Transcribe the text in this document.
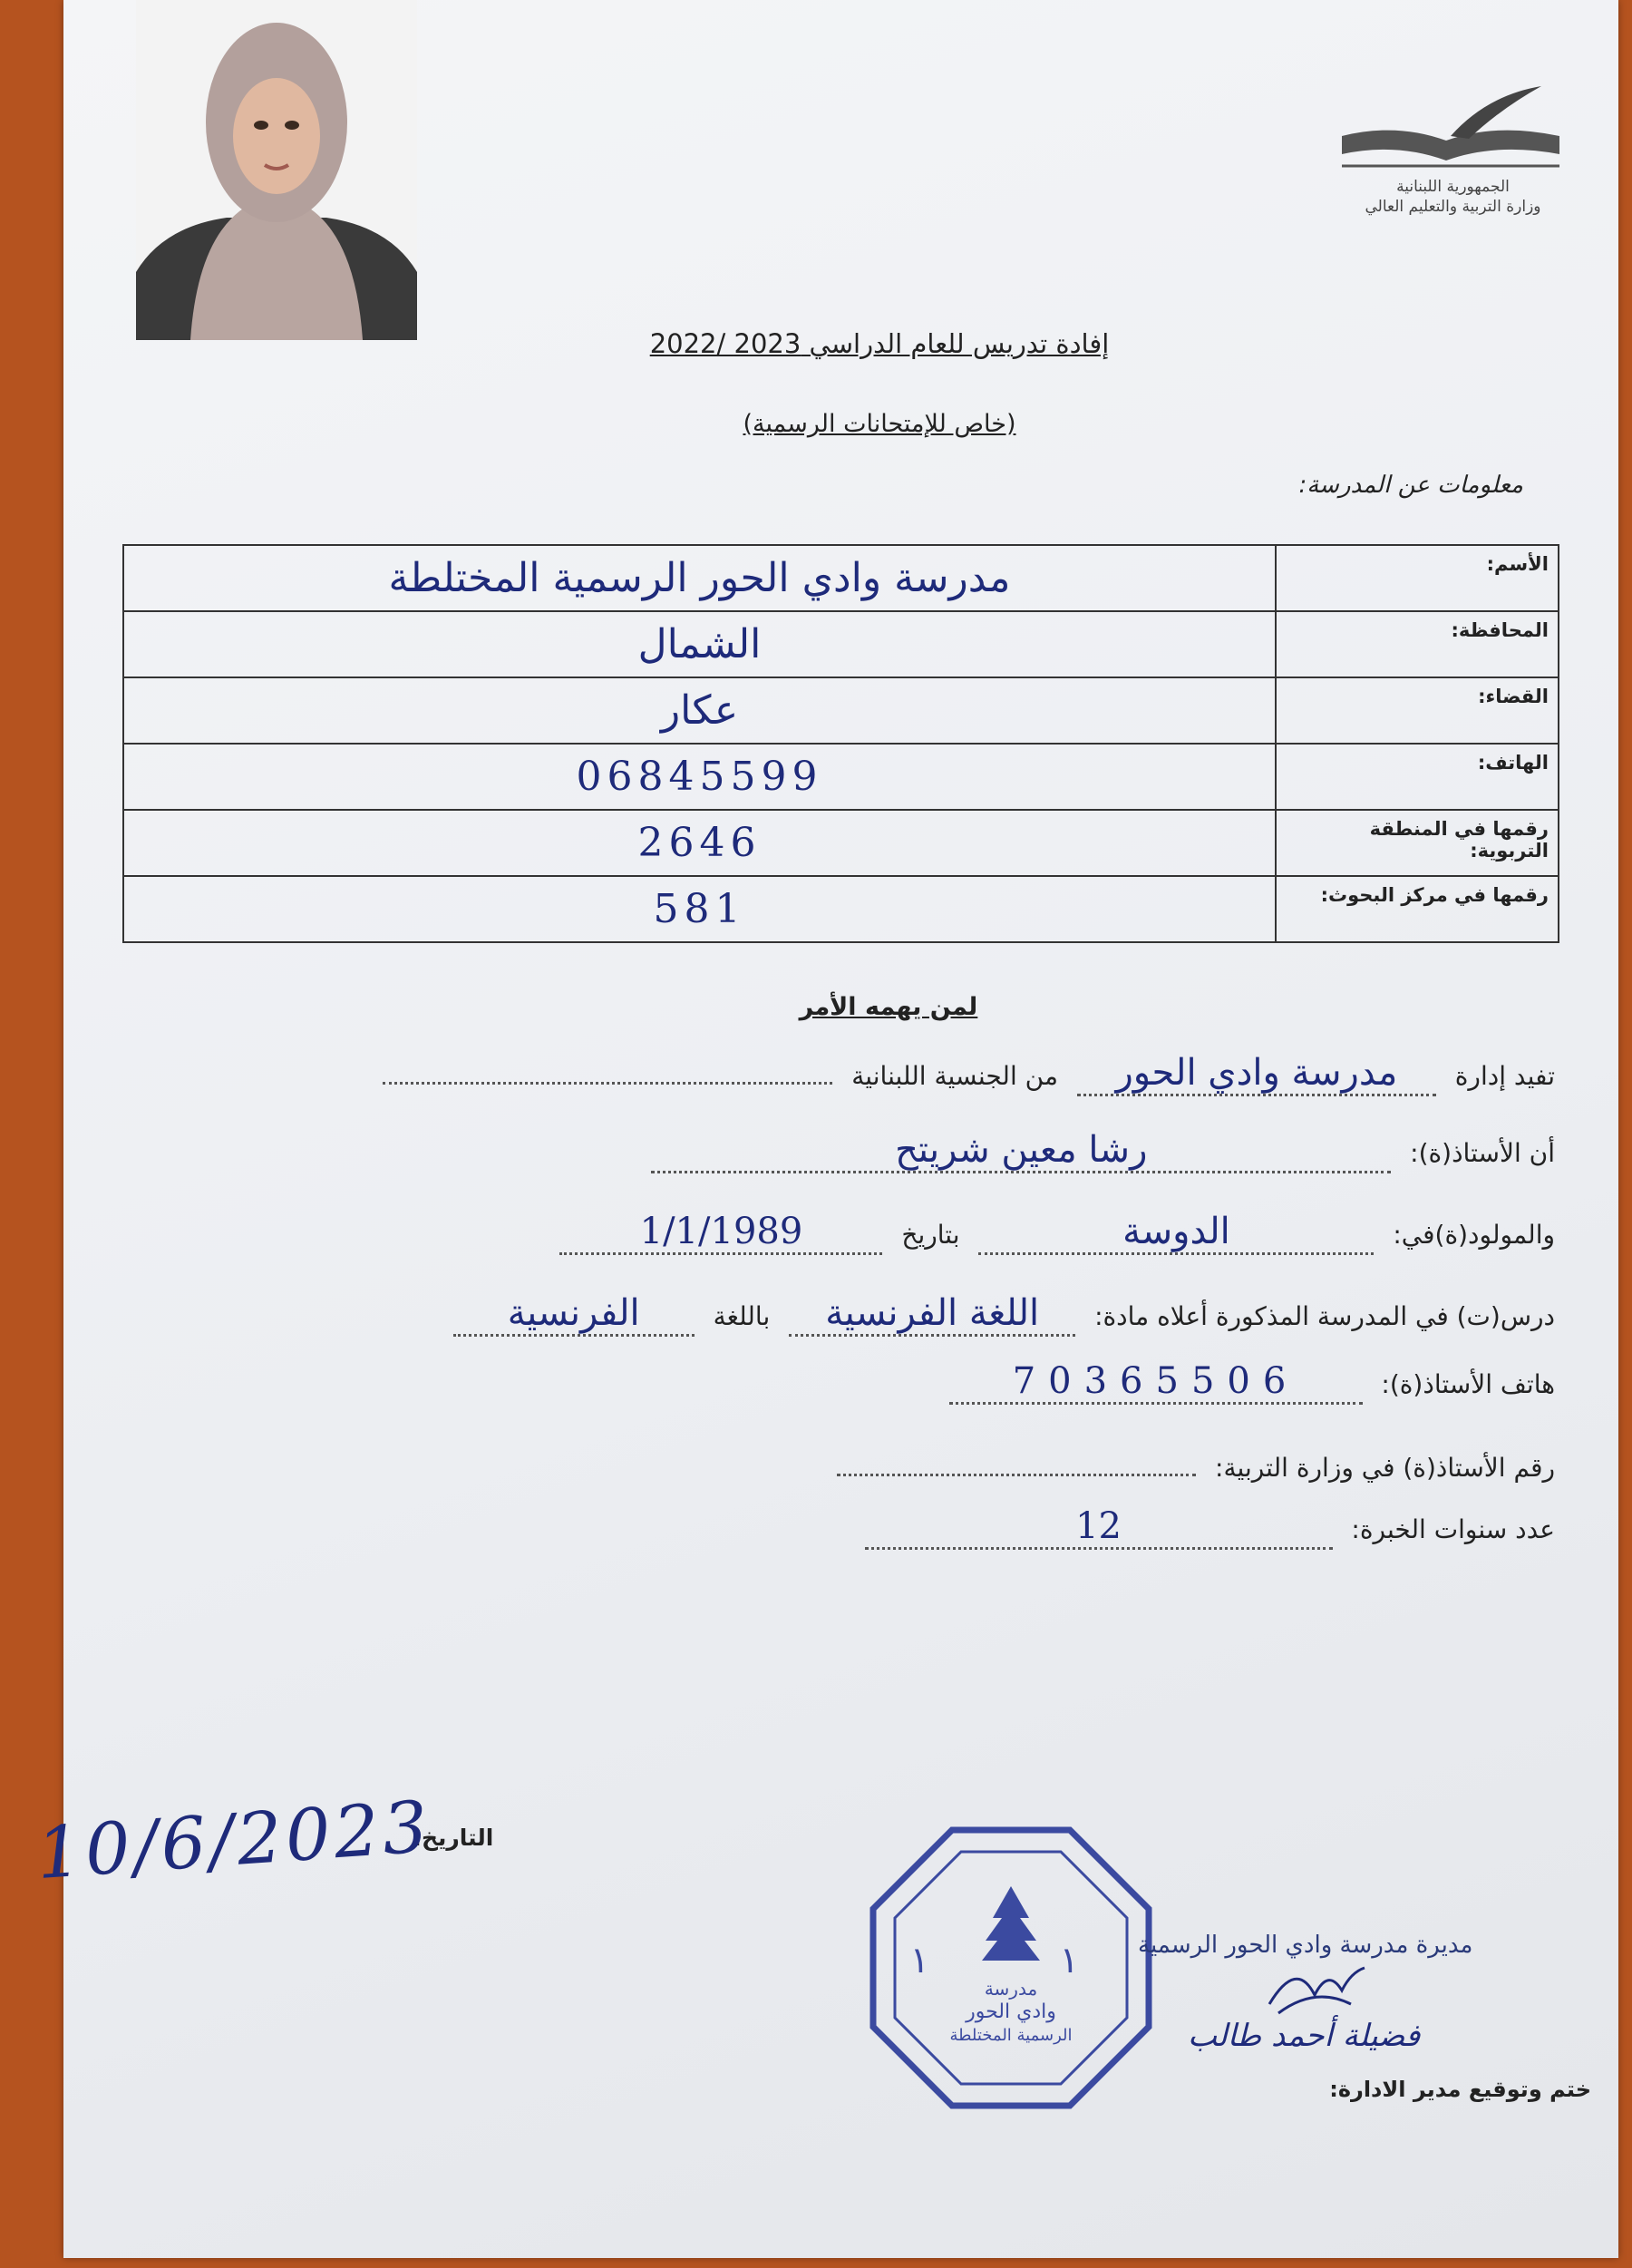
الجمهورية اللبنانية
وزارة التربية والتعليم العالي
إفادة تدريس للعام الدراسي 2023 /2022
(خاص للإمتحانات الرسمية)
معلومات عن المدرسة:
الأسم:	مدرسة وادي الحور الرسمية المختلطة
المحافظة:	الشمال
القضاء:	عكار
الهاتف:	06845599
رقمها في المنطقة التربوية:	2646
رقمها في مركز البحوث:	581
لمن يهمه الأمر
تفيد إدارة مدرسة وادي الحور من الجنسية اللبنانية
أن الأستاذ(ة): رشا معين شريتح
والمولود(ة)في: الدوسة بتاريخ 1/1/1989
درس(ت) في المدرسة المذكورة أعلاه مادة: اللغة الفرنسية باللغة الفرنسية
هاتف الأستاذ(ة): 70365506
رقم الأستاذ(ة) في وزارة التربية:
عدد سنوات الخبرة: 12
ختم وتوقيع مدير الادارة:
التاريخ:
مدرسة
وادي الحور
الرسمية المختلطة
١	١	مديرة مدرسة وادي الحور الرسمية
فضيلة أحمد طالب
10/6/2023
